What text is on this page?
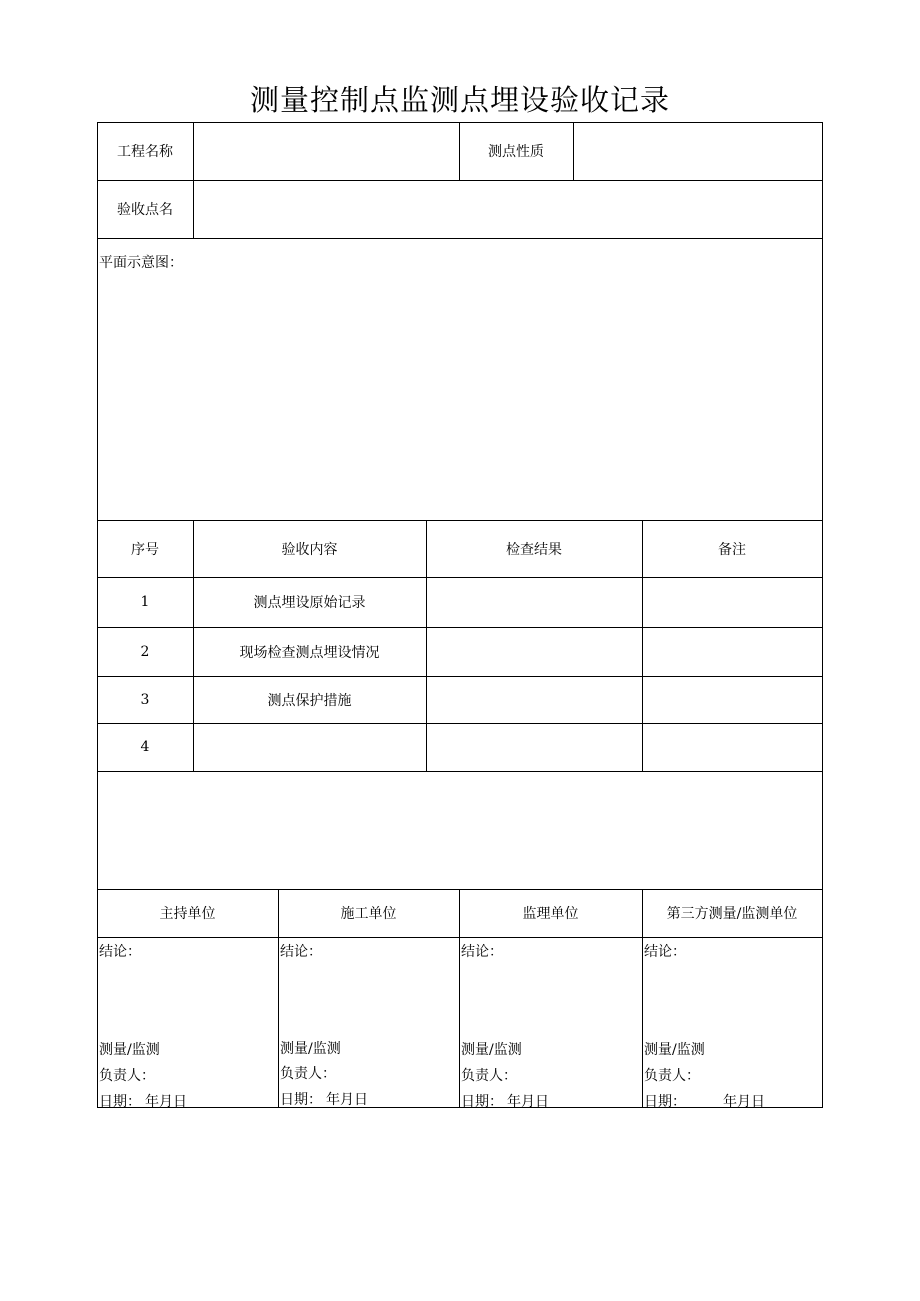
测量控制点监测点埋设验收记录
工程名称	测点性质
验收点名
平面示意图：
序号	验收内容	检查结果	备注
1	测点埋设原始记录
2	现场检查测点埋设情况
3	测点保护措施
4
主持单位	施工单位	监理单位	第三方测量/监测单位
结论：
测量/监测
负责人：
日期： 年月日
结论：
测量/监测
负责人：
日期： 年月日
结论：
测量/监测
负责人：
日期： 年月日
结论：
测量/监测
负责人：
日期：	年月日
